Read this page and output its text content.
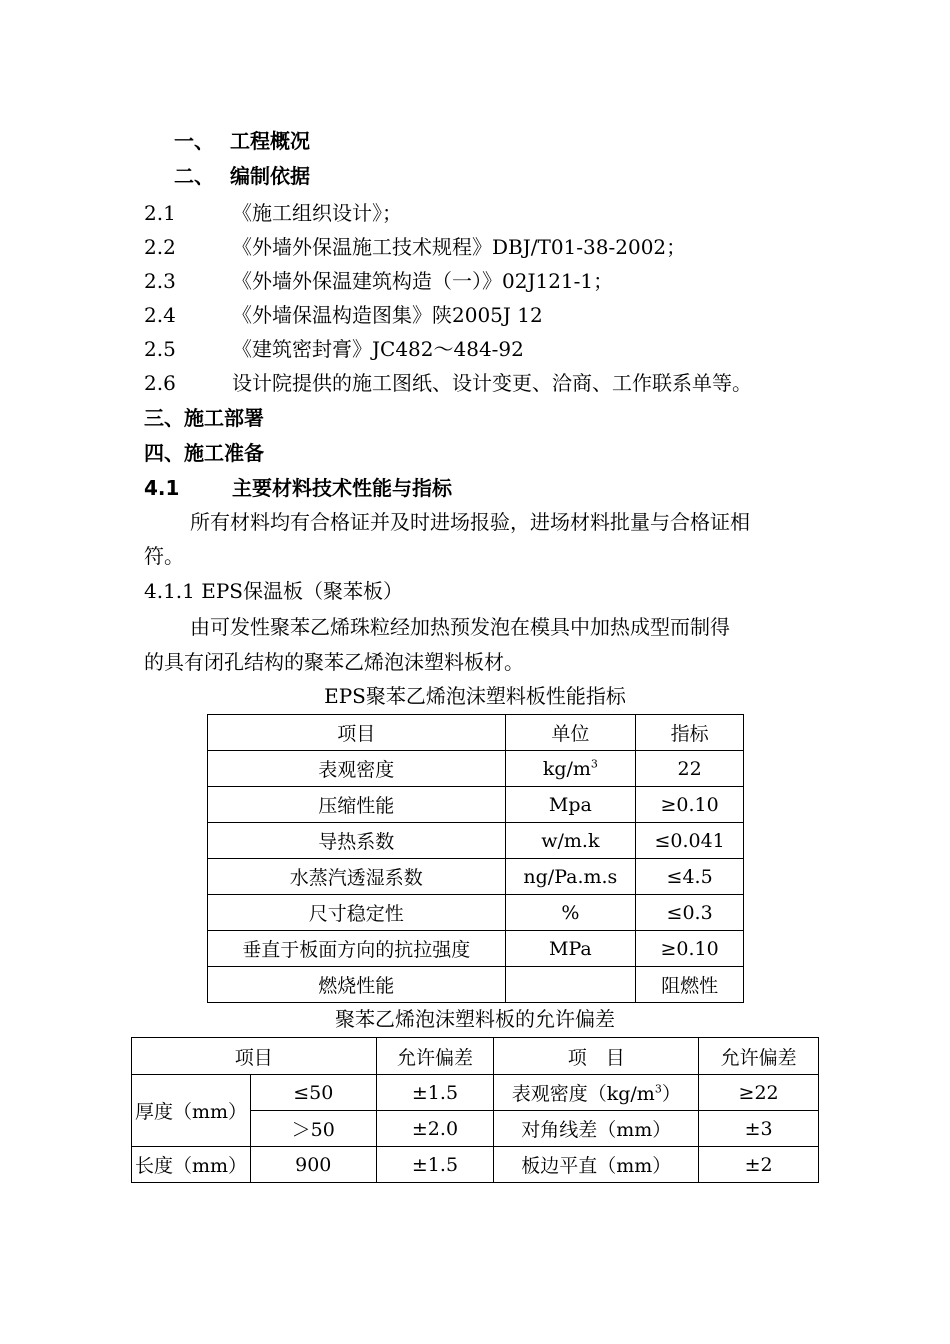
一、 工程概况
二、 编制依据
2.1	《施工组织设计》；
2.2	《外墙外保温施工技术规程》DBJ/T01-38-2002；
2.3	《外墙外保温建筑构造（一）》02J121-1；
2.4	《外墙保温构造图集》陕2005J 12
2.5	《建筑密封膏》JC482～484-92
2.6	设计院提供的施工图纸、设计变更、洽商、工作联系单等。
三、施工部署
四、施工准备
4.1	主要材料技术性能与指标
所有材料均有合格证并及时进场报验，进场材料批量与合格证相
符。
4.1.1 EPS保温板（聚苯板）
由可发性聚苯乙烯珠粒经加热预发泡在模具中加热成型而制得
的具有闭孔结构的聚苯乙烯泡沫塑料板材。
EPS聚苯乙烯泡沫塑料板性能指标
项目	单位	指标
表观密度	$kg/m^3$	22
压缩性能	Mpa	≥0.10
导热系数	w/m.k	≤0.041
水蒸汽透湿系数	ng/Pa.m.s	≤4.5
尺寸稳定性	%	≤0.3
垂直于板面方向的抗拉强度	MPa	≥0.10
燃烧性能		阻燃性
聚苯乙烯泡沫塑料板的允许偏差
项目		允许偏差	项　目	允许偏差
厚度（mm）	≤50	±1.5	表观密度$(kg/m^3)$	≥22
	＞50	±2.0	对角线差（mm）	±3
长度（mm）	900	±1.5	板边平直（mm）	±2
